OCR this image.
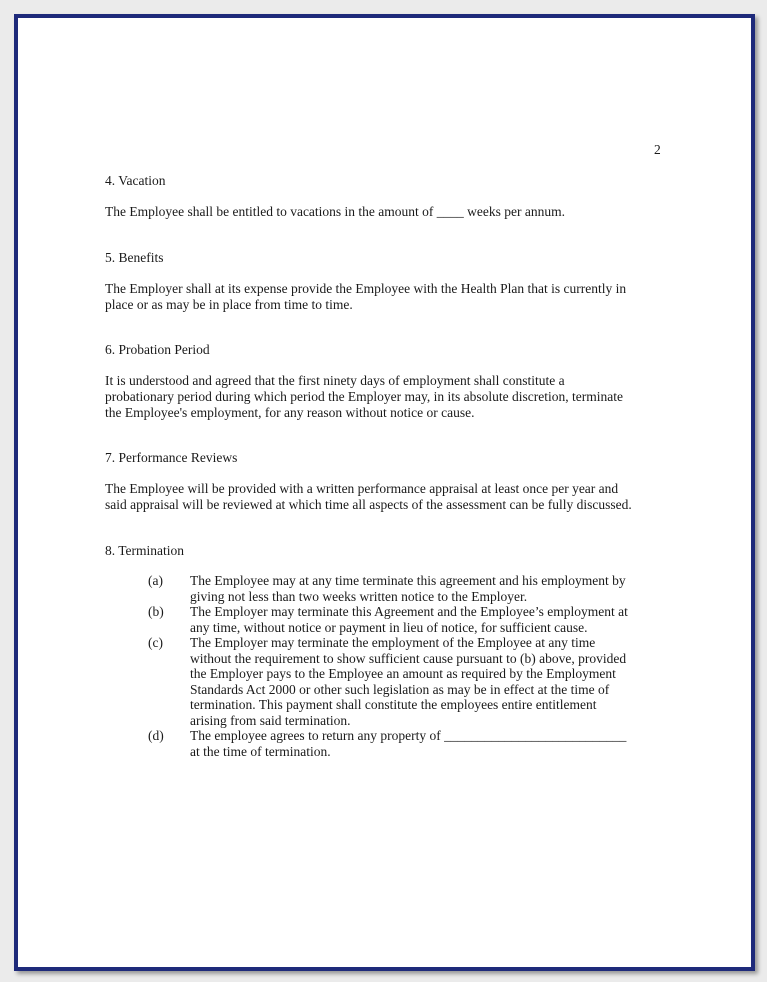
2
4. Vacation
The Employee shall be entitled to vacations in the amount of ____ weeks per annum.
5. Benefits
The Employer shall at its expense provide the Employee with the Health Plan that is currently in
place or as may be in place from time to time.
6. Probation Period
It is understood and agreed that the first ninety days of employment shall constitute a
probationary period during which period the Employer may, in its absolute discretion, terminate
the Employee's employment, for any reason without notice or cause.
7. Performance Reviews
The Employee will be provided with a written performance appraisal at least once per year and
said appraisal will be reviewed at which time all aspects of the assessment can be fully discussed.
8. Termination
(a) The Employee may at any time terminate this agreement and his employment by
giving not less than two weeks written notice to the Employer.
(b) The Employer may terminate this Agreement and the Employee’s employment at
any time, without notice or payment in lieu of notice, for sufficient cause.
(c) The Employer may terminate the employment of the Employee at any time
without the requirement to show sufficient cause pursuant to (b) above, provided
the Employer pays to the Employee an amount as required by the Employment
Standards Act 2000 or other such legislation as may be in effect at the time of
termination. This payment shall constitute the employees entire entitlement
arising from said termination.
(d) The employee agrees to return any property of ___________________________
at the time of termination.
